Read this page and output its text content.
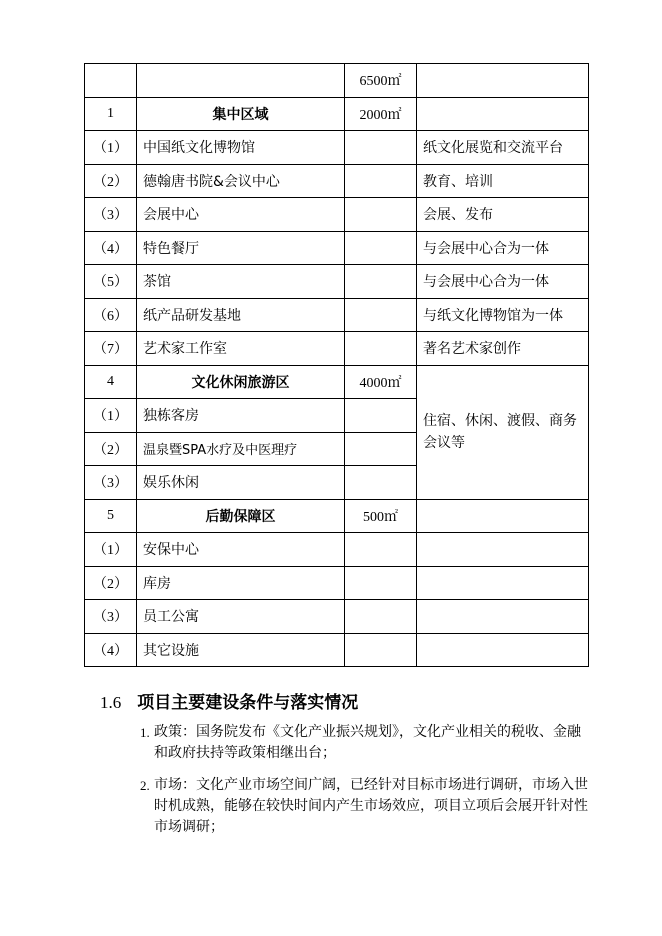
		6500㎡	
1	集中区域	2000㎡	
（1）	中国纸文化博物馆		纸文化展览和交流平台
（2）	德翰唐书院&会议中心		教育、培训
（3）	会展中心		会展、发布
（4）	特色餐厅		与会展中心合为一体
（5）	茶馆		与会展中心合为一体
（6）	纸产品研发基地		与纸文化博物馆为一体
（7）	艺术家工作室		著名艺术家创作
4	文化休闲旅游区	4000㎡	住宿、休闲、渡假、商务会议等
（1）	独栋客房		
（2）	温泉暨SPA水疗及中医理疗		
（3）	娱乐休闲		
5	后勤保障区	500㎡	
（1）	安保中心		
（2）	库房		
（3）	员工公寓		
（4）	其它设施		
1.6 项目主要建设条件与落实情况
1. 政策：国务院发布《文化产业振兴规划》，文化产业相关的税收、金融和政府扶持等政策相继出台；
2. 市场：文化产业市场空间广阔，已经针对目标市场进行调研，市场入世时机成熟，能够在较快时间内产生市场效应，项目立项后会展开针对性市场调研；
